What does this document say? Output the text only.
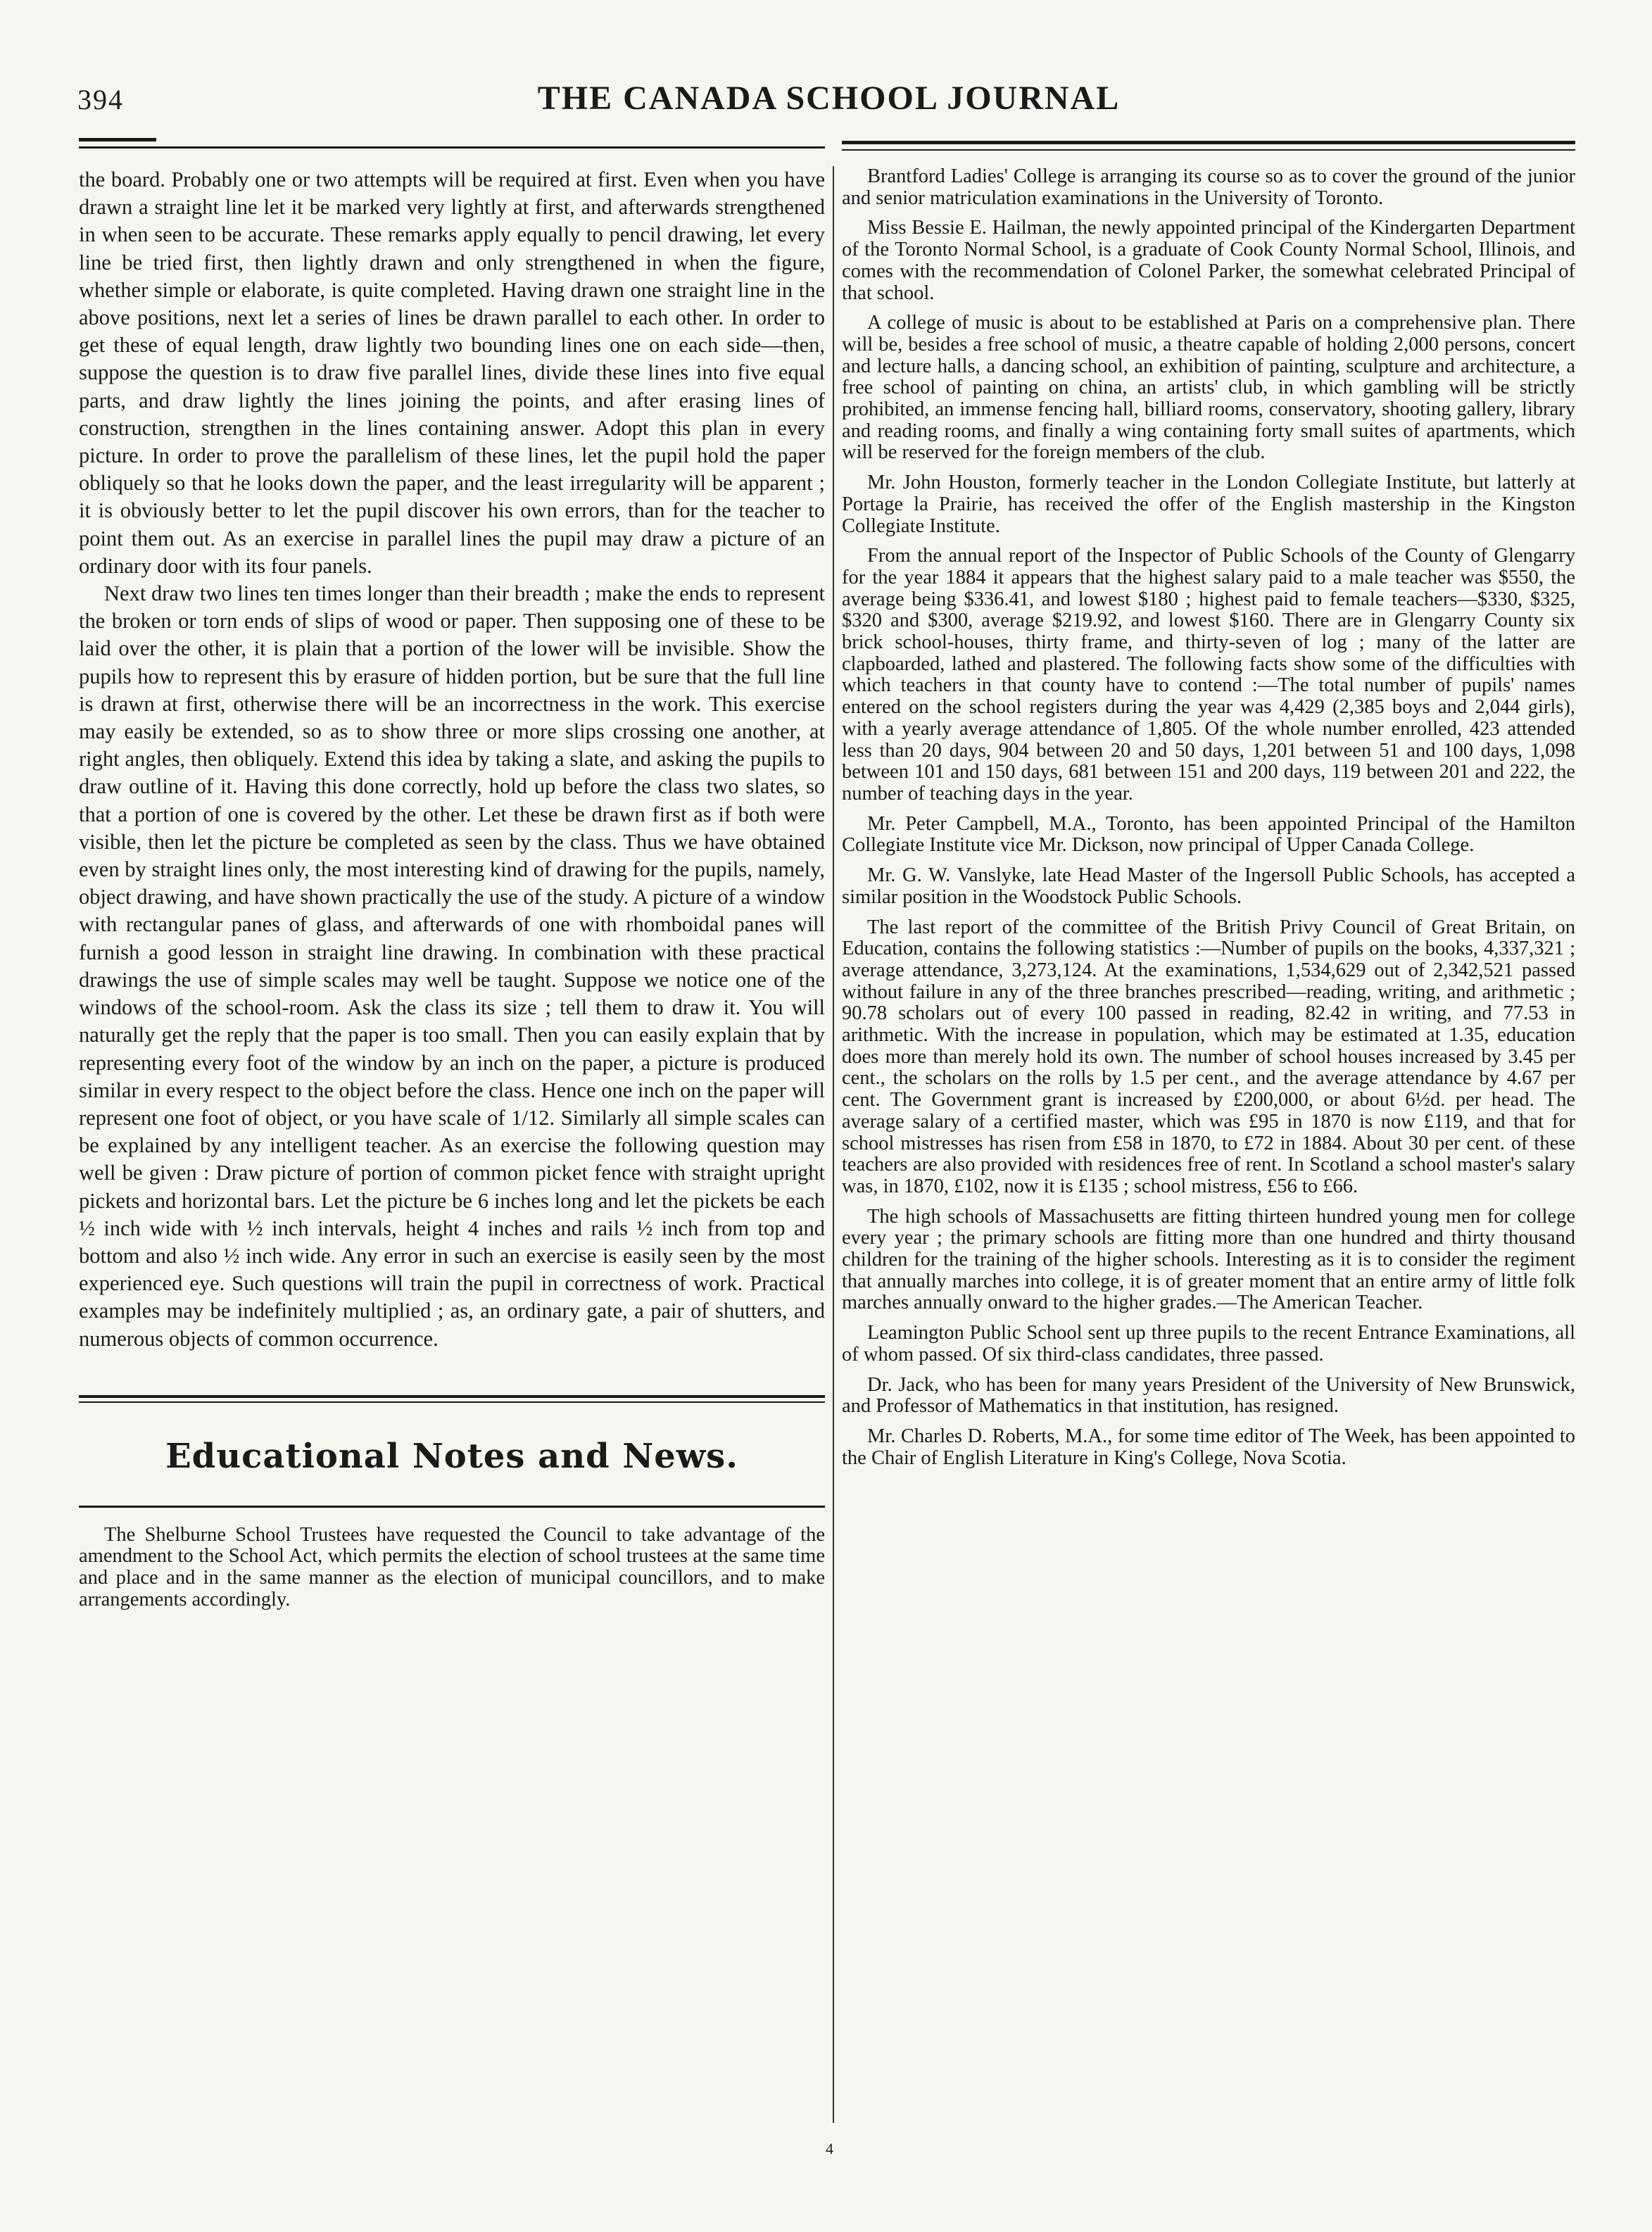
394	THE CANADA SCHOOL JOURNAL

the board. Probably one or two attempts will be required at first. Even when you have drawn a straight line let it be marked very lightly at first, and afterwards strengthened in when seen to be accurate. These remarks apply equally to pencil drawing, let every line be tried first, then lightly drawn and only strengthened in when the figure, whether simple or elaborate, is quite completed. Having drawn one straight line in the above positions, next let a series of lines be drawn parallel to each other. In order to get these of equal length, draw lightly two bounding lines one on each side—then, suppose the question is to draw five parallel lines, divide these lines into five equal parts, and draw lightly the lines joining the points, and after erasing lines of construction, strengthen in the lines containing answer. Adopt this plan in every picture. In order to prove the parallelism of these lines, let the pupil hold the paper obliquely so that he looks down the paper, and the least irregularity will be apparent ; it is obviously better to let the pupil discover his own errors, than for the teacher to point them out. As an exercise in parallel lines the pupil may draw a picture of an ordinary door with its four panels.

Next draw two lines ten times longer than their breadth ; make the ends to represent the broken or torn ends of slips of wood or paper. Then supposing one of these to be laid over the other, it is plain that a portion of the lower will be invisible. Show the pupils how to represent this by erasure of hidden portion, but be sure that the full line is drawn at first, otherwise there will be an incorrectness in the work. This exercise may easily be extended, so as to show three or more slips crossing one another, at right angles, then obliquely. Extend this idea by taking a slate, and asking the pupils to draw outline of it. Having this done correctly, hold up before the class two slates, so that a portion of one is covered by the other. Let these be drawn first as if both were visible, then let the picture be completed as seen by the class. Thus we have obtained even by straight lines only, the most interesting kind of drawing for the pupils, namely, object drawing, and have shown practically the use of the study. A picture of a window with rectangular panes of glass, and afterwards of one with rhomboidal panes will furnish a good lesson in straight line drawing. In combination with these practical drawings the use of simple scales may well be taught. Suppose we notice one of the windows of the school-room. Ask the class its size ; tell them to draw it. You will naturally get the reply that the paper is too small. Then you can easily explain that by representing every foot of the window by an inch on the paper, a picture is produced similar in every respect to the object before the class. Hence one inch on the paper will represent one foot of object, or you have scale of 1/12. Similarly all simple scales can be explained by any intelligent teacher. As an exercise the following question may well be given : Draw picture of portion of common picket fence with straight upright pickets and horizontal bars. Let the picture be 6 inches long and let the pickets be each ½ inch wide with ½ inch intervals, height 4 inches and rails ½ inch from top and bottom and also ½ inch wide. Any error in such an exercise is easily seen by the most experienced eye. Such questions will train the pupil in correctness of work. Practical examples may be indefinitely multiplied ; as, an ordinary gate, a pair of shutters, and numerous objects of common occurrence.

Educational Notes and News.

The Shelburne School Trustees have requested the Council to take advantage of the amendment to the School Act, which permits the election of school trustees at the same time and place and in the same manner as the election of municipal councillors, and to make arrangements accordingly.

Brantford Ladies' College is arranging its course so as to cover the ground of the junior and senior matriculation examinations in the University of Toronto.

Miss Bessie E. Hailman, the newly appointed principal of the Kindergarten Department of the Toronto Normal School, is a graduate of Cook County Normal School, Illinois, and comes with the recommendation of Colonel Parker, the somewhat celebrated Principal of that school.

A college of music is about to be established at Paris on a comprehensive plan. There will be, besides a free school of music, a theatre capable of holding 2,000 persons, concert and lecture halls, a dancing school, an exhibition of painting, sculpture and architecture, a free school of painting on china, an artists' club, in which gambling will be strictly prohibited, an immense fencing hall, billiard rooms, conservatory, shooting gallery, library and reading rooms, and finally a wing containing forty small suites of apartments, which will be reserved for the foreign members of the club.

Mr. John Houston, formerly teacher in the London Collegiate Institute, but latterly at Portage la Prairie, has received the offer of the English mastership in the Kingston Collegiate Institute.

From the annual report of the Inspector of Public Schools of the County of Glengarry for the year 1884 it appears that the highest salary paid to a male teacher was $550, the average being $336.41, and lowest $180 ; highest paid to female teachers—$330, $325, $320 and $300, average $219.92, and lowest $160. There are in Glengarry County six brick school-houses, thirty frame, and thirty-seven of log ; many of the latter are clapboarded, lathed and plastered. The following facts show some of the difficulties with which teachers in that county have to contend :—The total number of pupils' names entered on the school registers during the year was 4,429 (2,385 boys and 2,044 girls), with a yearly average attendance of 1,805. Of the whole number enrolled, 423 attended less than 20 days, 904 between 20 and 50 days, 1,201 between 51 and 100 days, 1,098 between 101 and 150 days, 681 between 151 and 200 days, 119 between 201 and 222, the number of teaching days in the year.

Mr. Peter Campbell, M.A., Toronto, has been appointed Principal of the Hamilton Collegiate Institute vice Mr. Dickson, now principal of Upper Canada College.

Mr. G. W. Vanslyke, late Head Master of the Ingersoll Public Schools, has accepted a similar position in the Woodstock Public Schools.

The last report of the committee of the British Privy Council of Great Britain, on Education, contains the following statistics :—Number of pupils on the books, 4,337,321 ; average attendance, 3,273,124. At the examinations, 1,534,629 out of 2,342,521 passed without failure in any of the three branches prescribed—reading, writing, and arithmetic ; 90.78 scholars out of every 100 passed in reading, 82.42 in writing, and 77.53 in arithmetic. With the increase in population, which may be estimated at 1.35, education does more than merely hold its own. The number of school houses increased by 3.45 per cent., the scholars on the rolls by 1.5 per cent., and the average attendance by 4.67 per cent. The Government grant is increased by £200,000, or about 6½d. per head. The average salary of a certified master, which was £95 in 1870 is now £119, and that for school mistresses has risen from £58 in 1870, to £72 in 1884. About 30 per cent. of these teachers are also provided with residences free of rent. In Scotland a school master's salary was, in 1870, £102, now it is £135 ; school mistress, £56 to £66.

The high schools of Massachusetts are fitting thirteen hundred young men for college every year ; the primary schools are fitting more than one hundred and thirty thousand children for the training of the higher schools. Interesting as it is to consider the regiment that annually marches into college, it is of greater moment that an entire army of little folk marches annually onward to the higher grades.—The American Teacher.

Leamington Public School sent up three pupils to the recent Entrance Examinations, all of whom passed. Of six third-class candidates, three passed.

Dr. Jack, who has been for many years President of the University of New Brunswick, and Professor of Mathematics in that institution, has resigned.

Mr. Charles D. Roberts, M.A., for some time editor of The Week, has been appointed to the Chair of English Literature in King's College, Nova Scotia.

4
